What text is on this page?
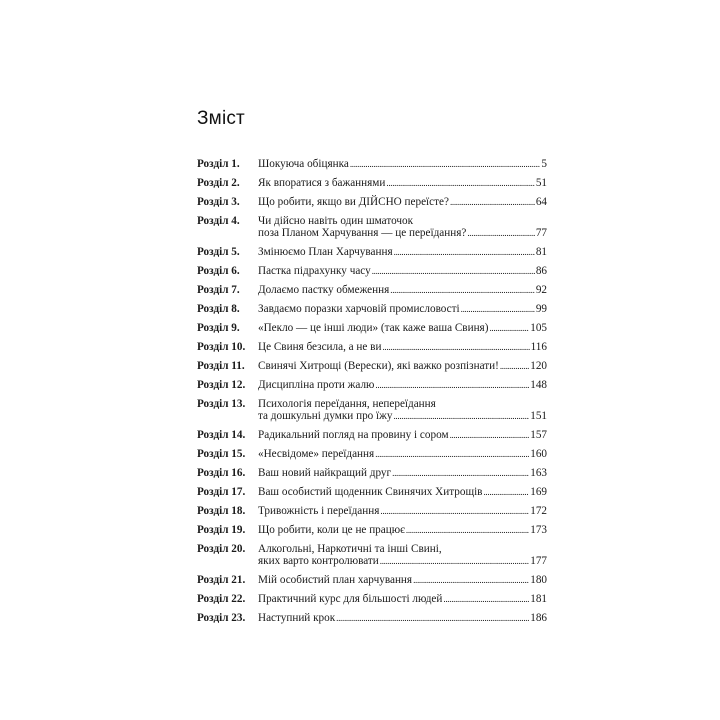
Зміст
Розділ 1.	Шокуюча обіцянка .....	5
Розділ 2.	Як впоратися з бажаннями .....	51
Розділ 3.	Що робити, якщо ви ДІЙСНО переїсте? .....	64
Розділ 4.	Чи дійсно навіть один шматочок
поза Планом Харчування — це переїдання? .....	77
Розділ 5.	Змінюємо План Харчування .....	81
Розділ 6.	Пастка підрахунку часу .....	86
Розділ 7.	Долаємо пастку обмеження .....	92
Розділ 8.	Завдаємо поразки харчовій промисловості .....	99
Розділ 9.	«Пекло — це інші люди» (так каже ваша Свиня) .....	105
Розділ 10.	Це Свиня безсила, а не ви .....	116
Розділ 11.	Свинячі Хитрощі (Верески), які важко розпізнати! .....	120
Розділ 12.	Дисципліна проти жалю .....	148
Розділ 13.	Психологія переїдання, непереїдання
та дошкульні думки про їжу .....	151
Розділ 14.	Радикальний погляд на провину і сором .....	157
Розділ 15.	«Несвідоме» переїдання .....	160
Розділ 16.	Ваш новий найкращий друг .....	163
Розділ 17.	Ваш особистий щоденник Свинячих Хитрощів .....	169
Розділ 18.	Тривожність і переїдання .....	172
Розділ 19.	Що робити, коли це не працює .....	173
Розділ 20.	Алкогольні, Наркотичні та інші Свині,
яких варто контролювати .....	177
Розділ 21.	Мій особистий план харчування .....	180
Розділ 22.	Практичний курс для більшості людей .....	181
Розділ 23.	Наступний крок .....	186
